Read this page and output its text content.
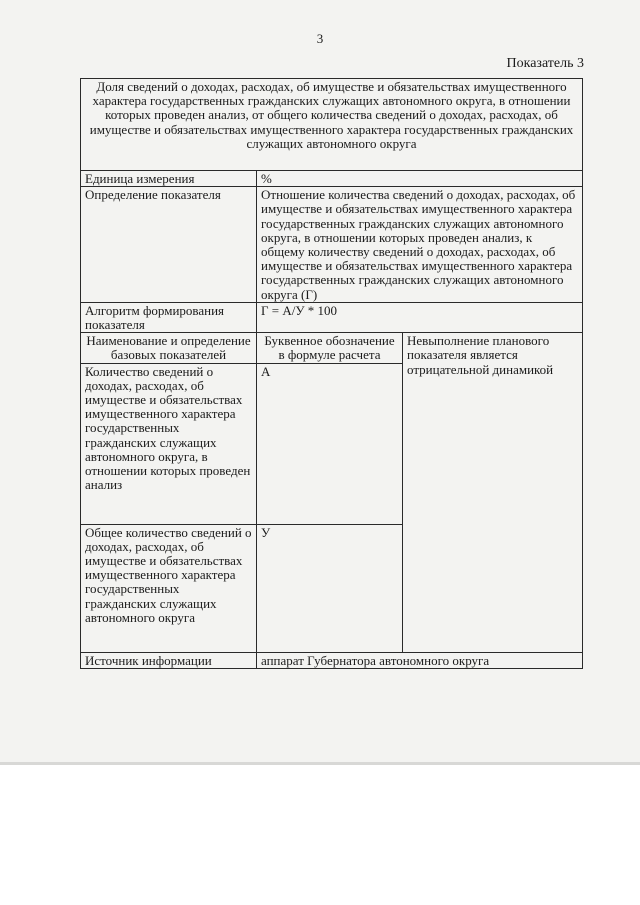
3
Показатель 3
Доля сведений о доходах, расходах, об имуществе и обязательствах имущественного характера государственных гражданских служащих автономного округа, в отношении которых проведен анализ, от общего количества сведений о доходах, расходах, об имуществе и обязательствах имущественного характера государственных гражданских служащих автономного округа		
Единица измерения	%	
Определение показателя	Отношение количества сведений о доходах, расходах, об имуществе и обязательствах имущественного характера государственных гражданских служащих автономного округа, в отношении которых проведен анализ, к общему количеству сведений о доходах, расходах, об имуществе и обязательствах имущественного характера государственных гражданских служащих автономного округа (Г)	
Алгоритм формирования показателя	Г = А/У * 100	
Наименование и определение базовых показателей	Буквенное обозначение в формуле расчета	Невыполнение планового показателя является отрицательной динамикой
Количество сведений о доходах, расходах, об имуществе и обязательствах имущественного характера государственных гражданских служащих автономного округа, в отношении которых проведен анализ	А	
Общее количество сведений о доходах, расходах, об имуществе и обязательствах имущественного характера государственных гражданских служащих автономного округа	У	
Источник информации	аппарат Губернатора автономного округа	
